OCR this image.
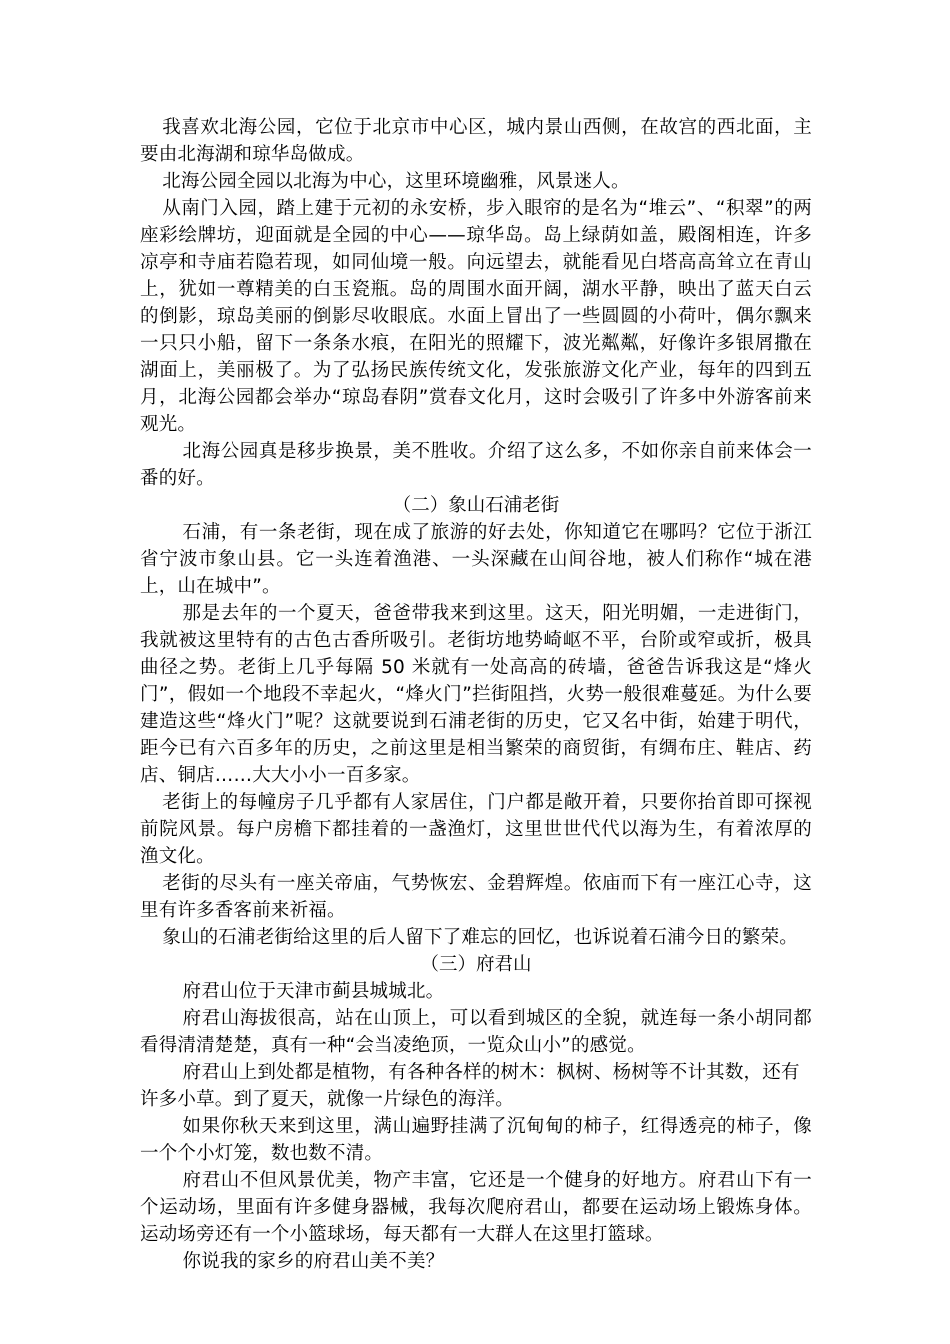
我喜欢北海公园，它位于北京市中心区，城内景山西侧，在故宫的西北面，主要由北海湖和琼华岛做成。

北海公园全园以北海为中心，这里环境幽雅，风景迷人。

从南门入园，踏上建于元初的永安桥，步入眼帘的是名为“堆云”、“积翠”的两座彩绘牌坊，迎面就是全园的中心——琼华岛。岛上绿荫如盖，殿阁相连，许多凉亭和寺庙若隐若现，如同仙境一般。向远望去，就能看见白塔高高耸立在青山上，犹如一尊精美的白玉瓷瓶。岛的周围水面开阔，湖水平静，映出了蓝天白云的倒影，琼岛美丽的倒影尽收眼底。水面上冒出了一些圆圆的小荷叶，偶尔飘来一只只小船，留下一条条水痕，在阳光的照耀下，波光粼粼，好像许多银屑撒在湖面上，美丽极了。为了弘扬民族传统文化，发张旅游文化产业，每年的四到五月，北海公园都会举办“琼岛春阴”赏春文化月，这时会吸引了许多中外游客前来观光。

北海公园真是移步换景，美不胜收。介绍了这么多，不如你亲自前来体会一番的好。

（二）象山石浦老街

石浦，有一条老街，现在成了旅游的好去处，你知道它在哪吗？它位于浙江省宁波市象山县。它一头连着渔港、一头深藏在山间谷地，被人们称作“城在港上，山在城中”。

那是去年的一个夏天，爸爸带我来到这里。这天，阳光明媚，一走进街门，我就被这里特有的古色古香所吸引。老街坊地势崎岖不平，台阶或窄或折，极具曲径之势。老街上几乎每隔 50 米就有一处高高的砖墙，爸爸告诉我这是“烽火门”，假如一个地段不幸起火，“烽火门”拦街阻挡，火势一般很难蔓延。为什么要建造这些“烽火门”呢？这就要说到石浦老街的历史，它又名中街，始建于明代，距今已有六百多年的历史，之前这里是相当繁荣的商贸街，有绸布庄、鞋店、药店、铜店……大大小小一百多家。

老街上的每幢房子几乎都有人家居住，门户都是敞开着，只要你抬首即可探视前院风景。每户房檐下都挂着的一盏渔灯，这里世世代代以海为生，有着浓厚的渔文化。

老街的尽头有一座关帝庙，气势恢宏、金碧辉煌。依庙而下有一座江心寺，这里有许多香客前来祈福。

象山的石浦老街给这里的后人留下了难忘的回忆，也诉说着石浦今日的繁荣。

（三）府君山

府君山位于天津市蓟县城城北。

府君山海拔很高，站在山顶上，可以看到城区的全貌，就连每一条小胡同都看得清清楚楚，真有一种“会当凌绝顶，一览众山小”的感觉。

府君山上到处都是植物，有各种各样的树木：枫树、杨树等不计其数，还有

许多小草。到了夏天，就像一片绿色的海洋。

如果你秋天来到这里，满山遍野挂满了沉甸甸的柿子，红得透亮的柿子，像一个个小灯笼，数也数不清。

府君山不但风景优美，物产丰富，它还是一个健身的好地方。府君山下有一个运动场，里面有许多健身器械，我每次爬府君山，都要在运动场上锻炼身体。运动场旁还有一个小篮球场，每天都有一大群人在这里打篮球。

你说我的家乡的府君山美不美？
